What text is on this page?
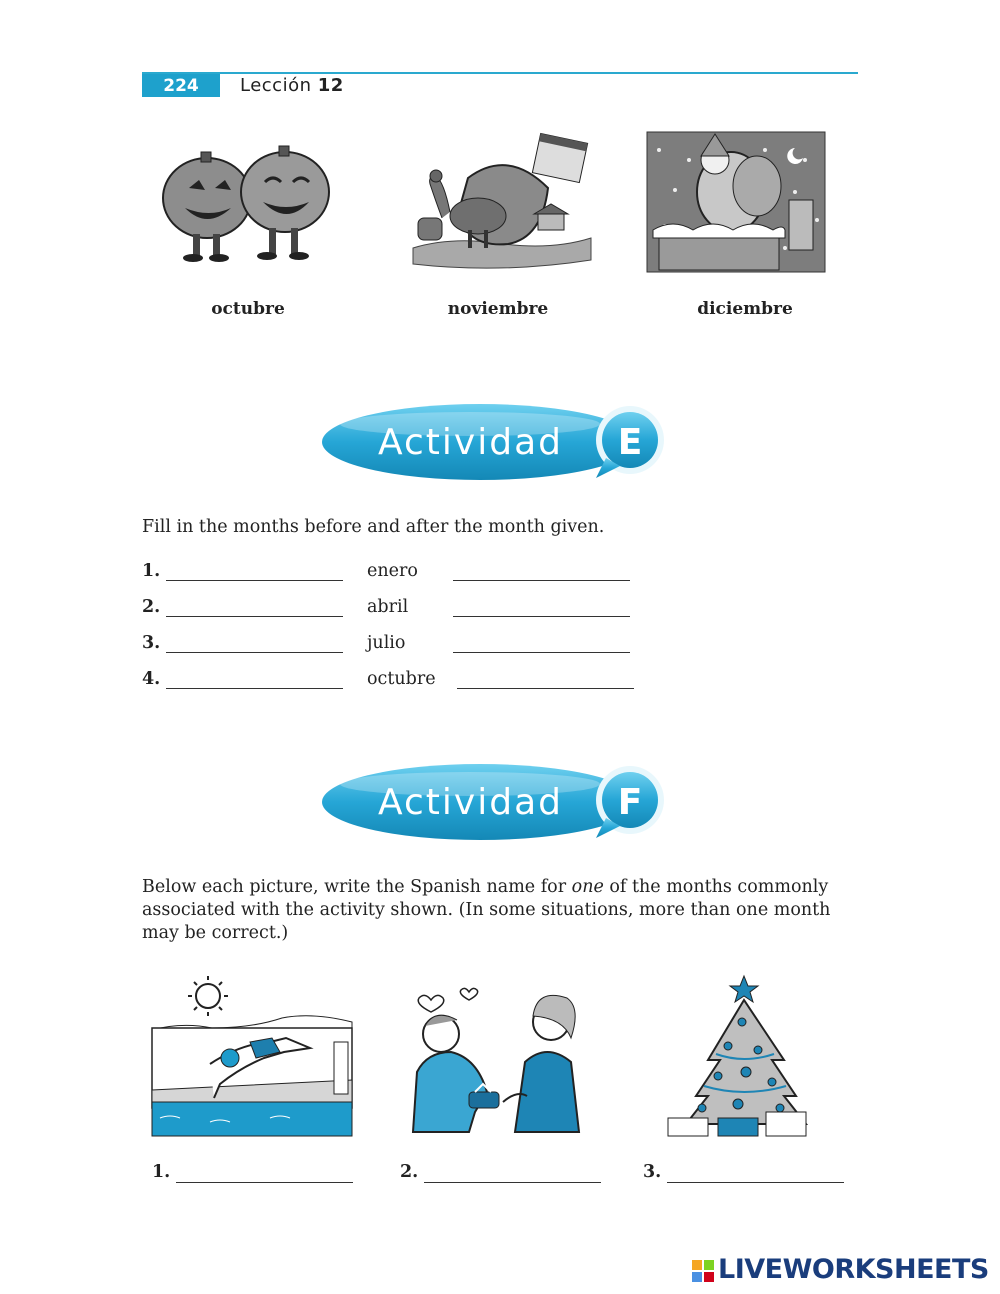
224	Lección 12
octubre	noviembre	diciembre
Actividad E
Fill in the months before and after the month given.
1.	enero
2.	abril
3.	julio
4.	octubre
Actividad F
Below each picture, write the Spanish name for one of the months commonly associated with the activity shown. (In some situations, more than one month may be correct.)
1.	2.	3.
LIVEWORKSHEETS
